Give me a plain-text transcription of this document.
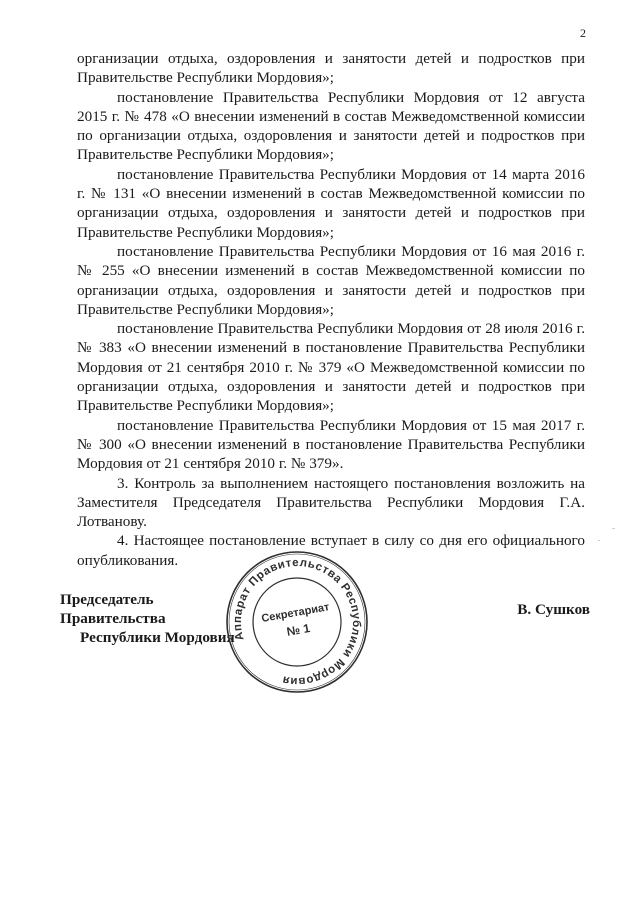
2

организации отдыха, оздоровления и занятости детей и подростков при Правительстве Республики Мордовия»;

постановление Правительства Республики Мордовия от 12 августа 2015 г. № 478 «О внесении изменений в состав Межведомственной комиссии по организации отдыха, оздоровления и занятости детей и подростков при Правительстве Республики Мордовия»;

постановление Правительства Республики Мордовия от 14 марта 2016 г. № 131 «О внесении изменений в состав Межведомственной комиссии по организации отдыха, оздоровления и занятости детей и подростков при Правительстве Республики Мордовия»;

постановление Правительства Республики Мордовия от 16 мая 2016 г. № 255 «О внесении изменений в состав Межведомственной комиссии по организации отдыха, оздоровления и занятости детей и подростков при Правительстве Республики Мордовия»;

постановление Правительства Республики Мордовия от 28 июля 2016 г. № 383 «О внесении изменений в постановление Правительства Республики Мордовия от 21 сентября 2010 г. № 379 «О Межведомственной комиссии по организации отдыха, оздоровления и занятости детей и подростков при Правительстве Республики Мордовия»;

постановление Правительства Республики Мордовия от 15 мая 2017 г. № 300 «О внесении изменений в постановление Правительства Республики Мордовия от 21 сентября 2010 г. № 379».

3. Контроль за выполнением настоящего постановления возложить на Заместителя Председателя Правительства Республики Мордовия Г.А. Лотванову.

4. Настоящее постановление вступает в силу со дня его официального опубликования.

Председатель Правительства
Республики Мордовия
В. Сушков
Аппарат Правительства Республики Мордовия
Секретариат
№ 1
